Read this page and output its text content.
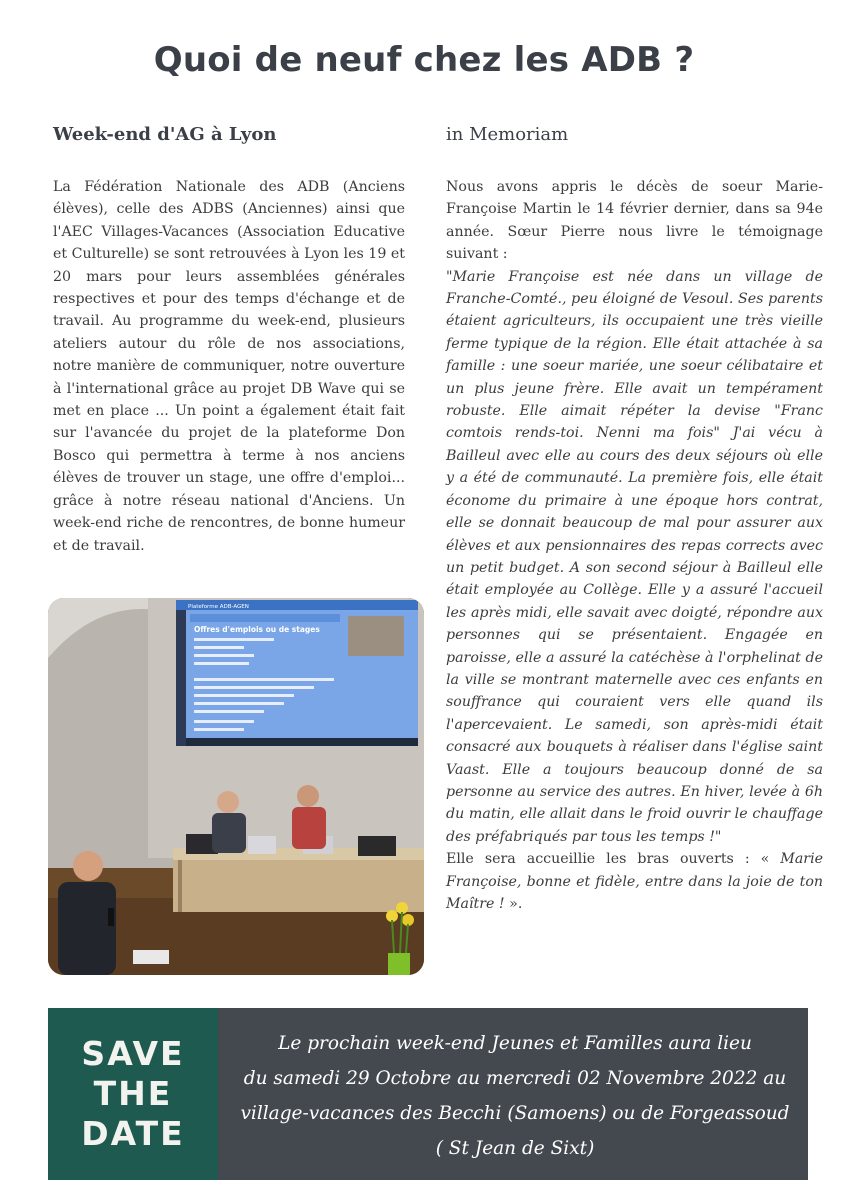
Quoi de neuf chez les ADB ?
Week-end d'AG à Lyon

La Fédération Nationale des ADB (Anciens élèves), celle des ADBS (Anciennes) ainsi que l'AEC Villages-Vacances (Association Educative et Culturelle) se sont retrouvées à Lyon les 19 et 20 mars pour leurs assemblées générales respectives et pour des temps d'échange et de travail. Au programme du week-end, plusieurs ateliers autour du rôle de nos associations, notre manière de communiquer, notre ouverture à l'international grâce au projet DB Wave qui se met en place ... Un point a également était fait sur l'avancée du projet de la plateforme Don Bosco qui permettra à terme à nos anciens élèves de trouver un stage, une offre d'emploi... grâce à notre réseau national d'Anciens. Un week-end riche de rencontres, de bonne humeur et de travail.

Plateforme ADB-AGEN
Offres d'emplois ou de stages
in Memoriam

Nous avons appris le décès de soeur Marie-Françoise Martin le 14 février dernier, dans sa 94e année. Sœur Pierre nous livre le témoignage suivant :

"Marie Françoise est née dans un village de Franche-Comté., peu éloigné de Vesoul. Ses parents étaient agriculteurs, ils occupaient une très vieille ferme typique de la région. Elle était attachée à sa famille : une soeur mariée, une soeur célibataire et un plus jeune frère. Elle avait un tempérament robuste. Elle aimait répéter la devise "Franc comtois rends-toi. Nenni ma fois" J'ai vécu à Bailleul avec elle au cours des deux séjours où elle y a été de communauté. La première fois, elle était économe du primaire à une époque hors contrat, elle se donnait beaucoup de mal pour assurer aux élèves et aux pensionnaires des repas corrects avec un petit budget. A son second séjour à Bailleul elle était employée au Collège. Elle y a assuré l'accueil les après midi, elle savait avec doigté, répondre aux personnes qui se présentaient. Engagée en paroisse, elle a assuré la catéchèse à l'orphelinat de la ville se montrant maternelle avec ces enfants en souffrance qui couraient vers elle quand ils l'apercevaient. Le samedi, son après-midi était consacré aux bouquets à réaliser dans l'église saint Vaast. Elle a toujours beaucoup donné de sa personne au service des autres. En hiver, levée à 6h du matin, elle allait dans le froid ouvrir le chauffage des préfabriqués par tous les temps !"

Elle sera accueillie les bras ouverts : « Marie Françoise, bonne et fidèle, entre dans la joie de ton Maître ! ».

SAVE
THE
DATE
Le prochain week-end Jeunes et Familles aura lieu
du samedi 29 Octobre au mercredi 02 Novembre 2022 au
village-vacances des Becchi (Samoens) ou de Forgeassoud
( St Jean de Sixt)
